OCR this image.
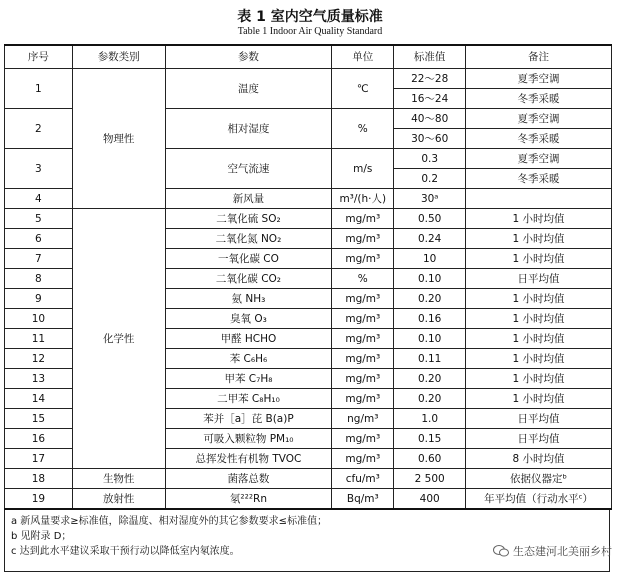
表 1 室内空气质量标准
Table 1 Indoor Air Quality Standard
序号	参数类别	参数	单位	标准值	备注
1	物理性	温度	℃	22～28	夏季空调
				16～24	冬季采暖
2		相对湿度	%	40～80	夏季空调
				30～60	冬季采暖
3		空气流速	m/s	0.3	夏季空调
				0.2	冬季采暖
4		新风量	m³/(h·人)	30ᵃ	
5	化学性	二氧化硫 SO₂	mg/m³	0.50	1 小时均值
6		二氧化氮 NO₂	mg/m³	0.24	1 小时均值
7		一氧化碳 CO	mg/m³	10	1 小时均值
8		二氧化碳 CO₂	%	0.10	日平均值
9		氨 NH₃	mg/m³	0.20	1 小时均值
10		臭氧 O₃	mg/m³	0.16	1 小时均值
11		甲醛 HCHO	mg/m³	0.10	1 小时均值
12		苯 C₆H₆	mg/m³	0.11	1 小时均值
13		甲苯 C₇H₈	mg/m³	0.20	1 小时均值
14		二甲苯 C₈H₁₀	mg/m³	0.20	1 小时均值
15		苯并［a］芘 B(a)P	ng/m³	1.0	日平均值
16		可吸入颗粒物 PM₁₀	mg/m³	0.15	日平均值
17		总挥发性有机物 TVOC	mg/m³	0.60	8 小时均值
18	生物性	菌落总数	cfu/m³	2 500	依据仪器定ᵇ
19	放射性	氡²²²Rn	Bq/m³	400	年平均值（行动水平ᶜ）
a 新风量要求≥标准值，除温度、相对湿度外的其它参数要求≤标准值；
b 见附录 D；
c 达到此水平建议采取干预行动以降低室内氡浓度。	生态建河北美丽乡村
